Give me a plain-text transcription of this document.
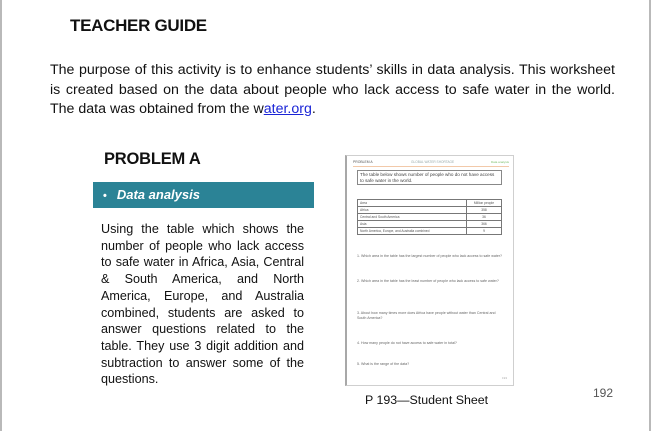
TEACHER GUIDE
The purpose of this activity is to enhance students’ skills in data analysis. This worksheet is created based on the data about people who lack access to safe water in the world. The data was obtained from the water.org.
PROBLEM A
• Data analysis
Using the table which shows the number of people who lack access to safe water in Africa, Asia, Central & South America, and North America, Europe, and Australia combined, students are asked to answer questions related to the table. They use 3 digit addition and subtraction to answer some of the questions.
PROBLEM A	GLOBAL WATER SHORTAGE	Data analysis
The table below shows number of people who do not have access to safe water in the world.
Area	Million people
Africa	358
Central and South America	36
Asia	366
North America, Europe, and Australia combined	9
1. Which area in the table has the largest number of people who lack access to safe water?
2. Which area in the table has the least number of people who lack access to safe water?
3. About how many times more does Africa have people without water than Central and South America?
4. How many people do not have access to safe water in total?
5. What is the range of the data?
193
P 193—Student Sheet	192
